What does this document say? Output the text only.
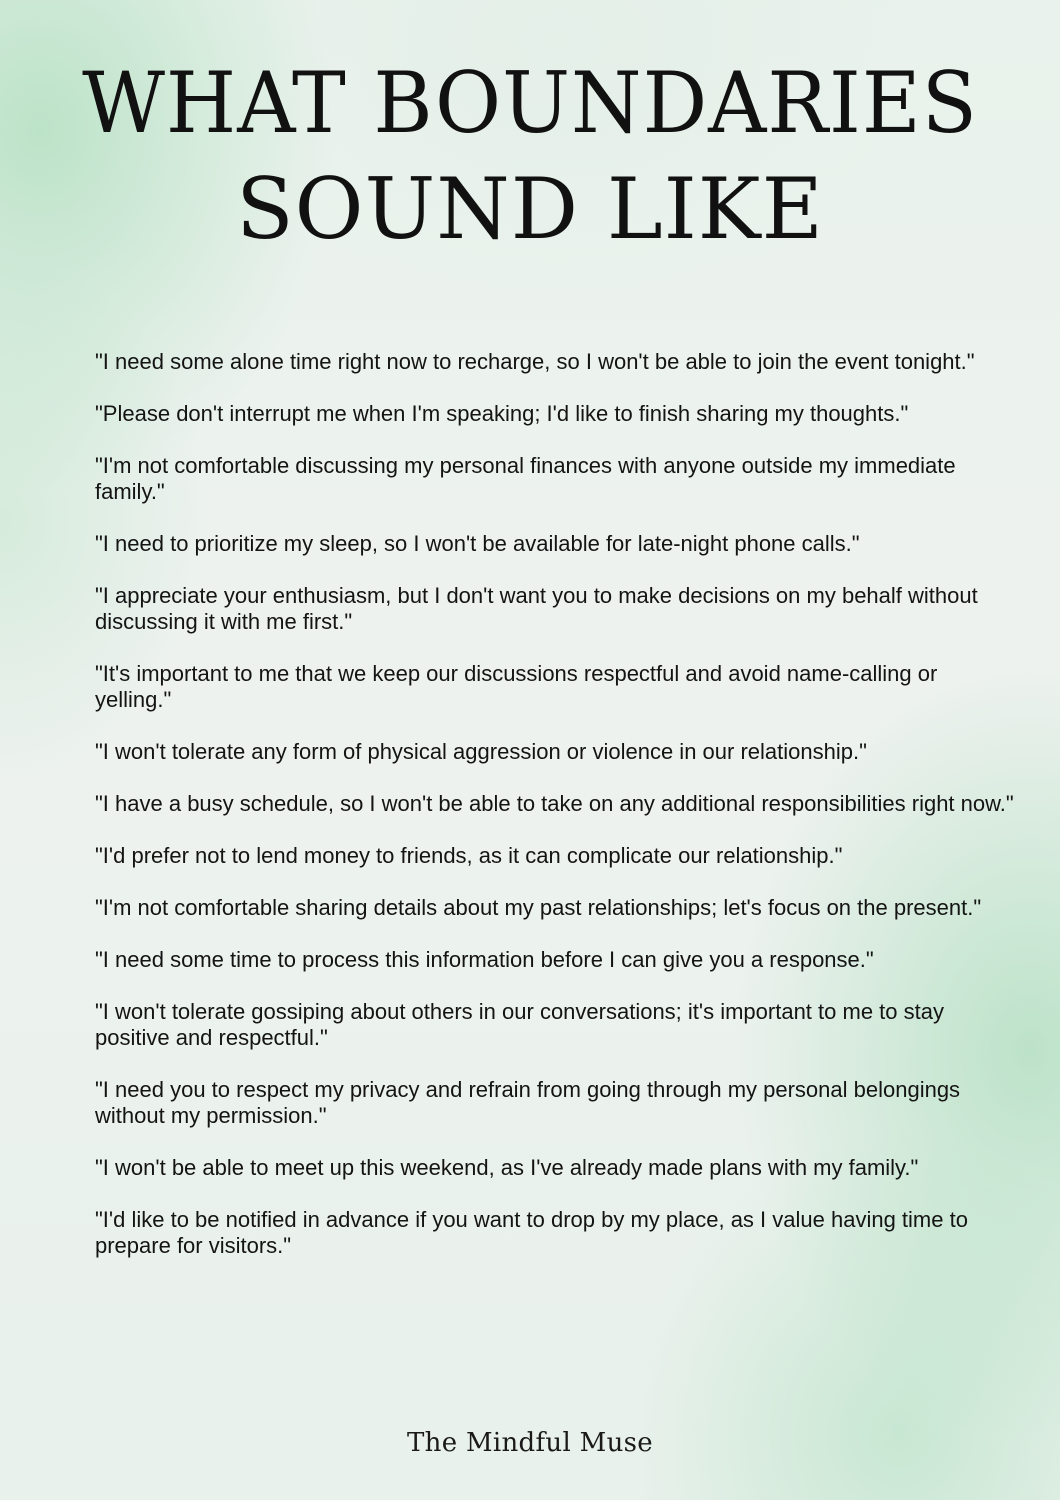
WHAT BOUNDARIES
SOUND LIKE
"I need some alone time right now to recharge, so I won't be able to join the event tonight."
"Please don't interrupt me when I'm speaking; I'd like to finish sharing my thoughts."
"I'm not comfortable discussing my personal finances with anyone outside my immediate family."
"I need to prioritize my sleep, so I won't be available for late-night phone calls."
"I appreciate your enthusiasm, but I don't want you to make decisions on my behalf without discussing it with me first."
"It's important to me that we keep our discussions respectful and avoid name-calling or yelling."
"I won't tolerate any form of physical aggression or violence in our relationship."
"I have a busy schedule, so I won't be able to take on any additional responsibilities right now."
"I'd prefer not to lend money to friends, as it can complicate our relationship."
"I'm not comfortable sharing details about my past relationships; let's focus on the present."
"I need some time to process this information before I can give you a response."
"I won't tolerate gossiping about others in our conversations; it's important to me to stay positive and respectful."
"I need you to respect my privacy and refrain from going through my personal belongings without my permission."
"I won't be able to meet up this weekend, as I've already made plans with my family."
"I'd like to be notified in advance if you want to drop by my place, as I value having time to prepare for visitors."
The Mindful Muse
